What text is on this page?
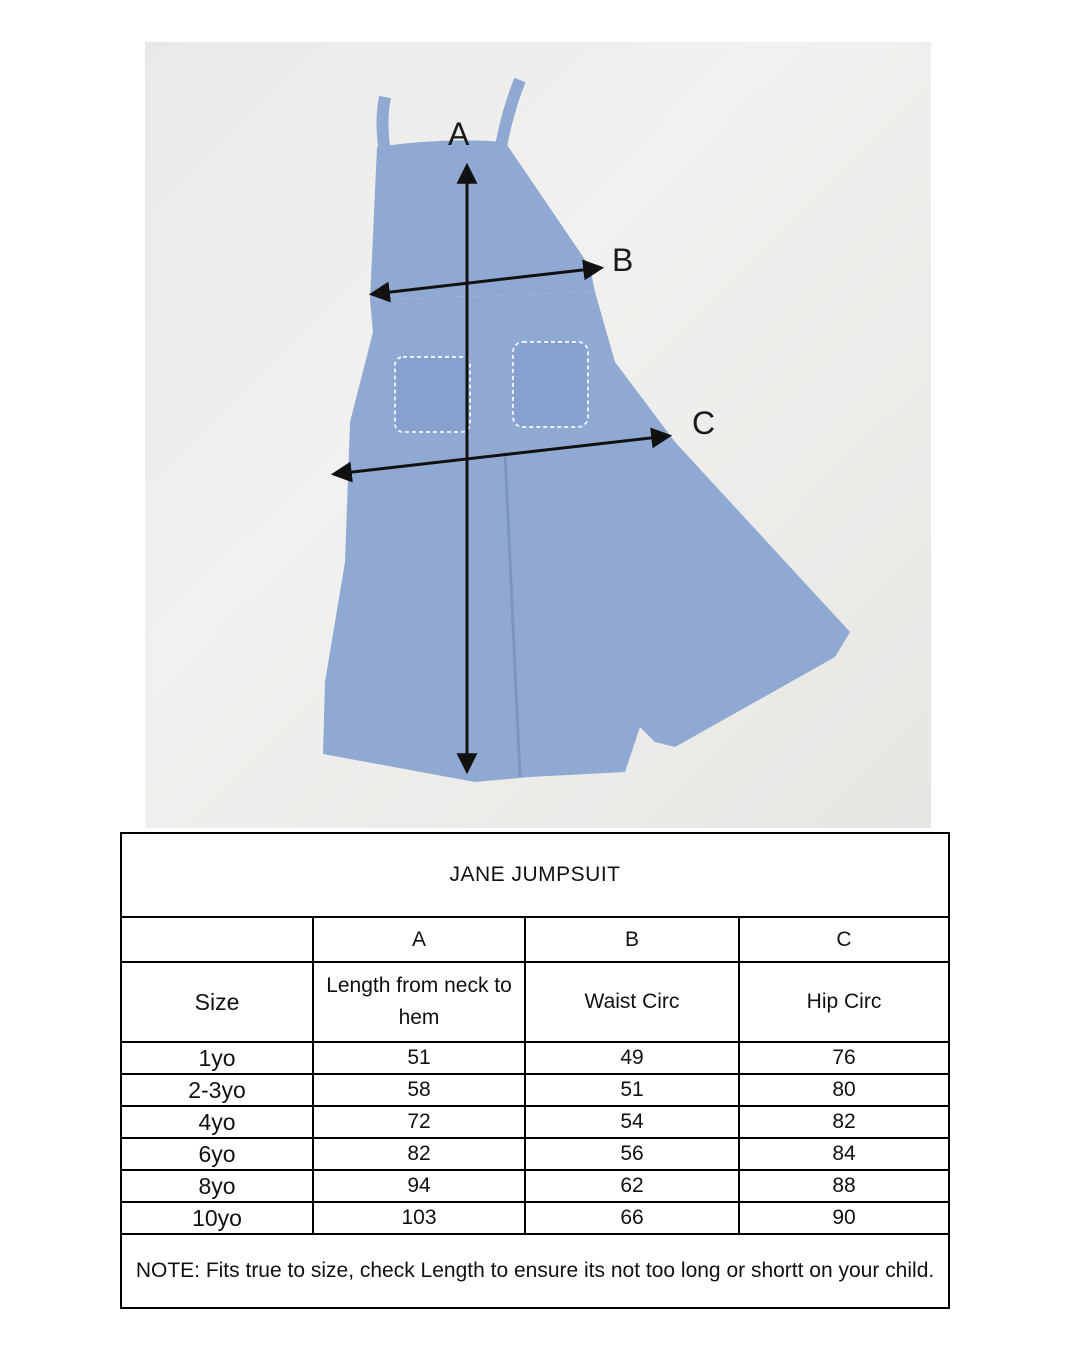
A
B
C
JANE JUMPSUIT			
	A	B	C
Size	Length from neck to hem	Waist Circ	Hip Circ
1yo	51	49	76
2-3yo	58	51	80
4yo	72	54	82
6yo	82	56	84
8yo	94	62	88
10yo	103	66	90
NOTE: Fits true to size, check Length to ensure its not too long or shortt on your child.			
